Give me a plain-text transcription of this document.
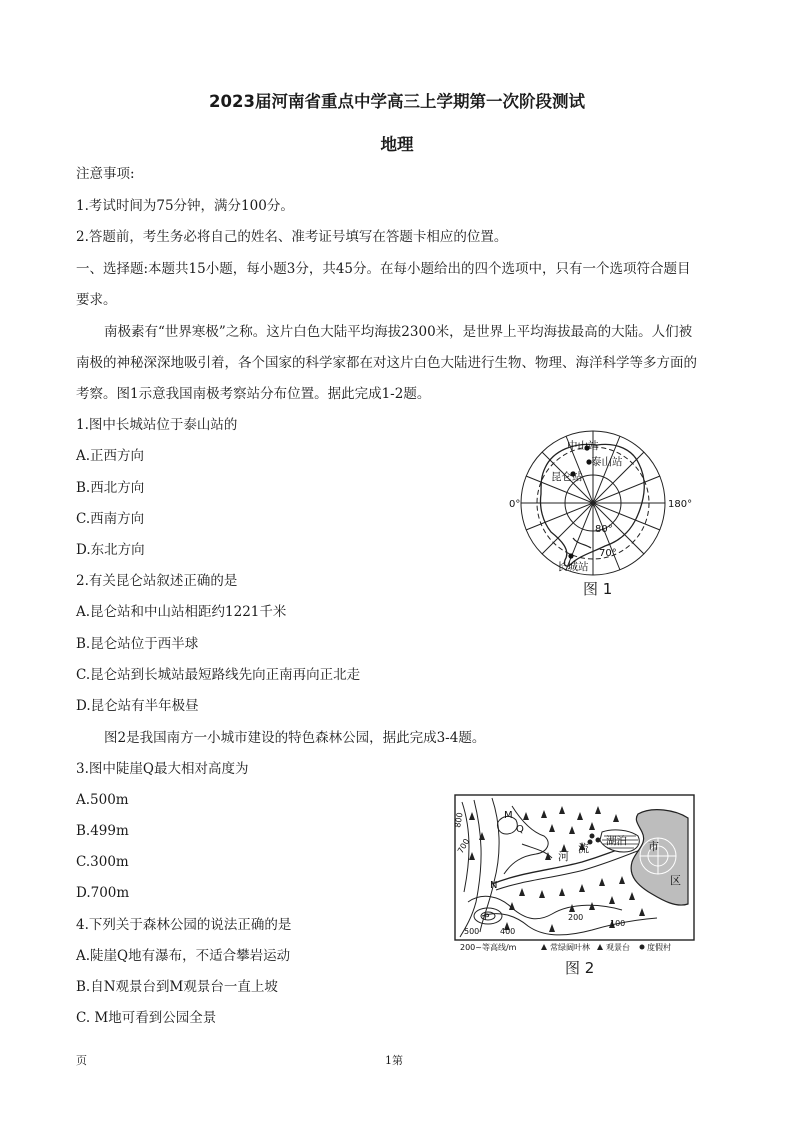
2023届河南省重点中学高三上学期第一次阶段测试
地理
注意事项:
1.考试时间为75分钟，满分100分。
2.答题前，考生务必将自己的姓名、准考证号填写在答题卡相应的位置。
一、选择题:本题共15小题，每小题3分，共45分。在每小题给出的四个选项中，只有一个选项符合题目
要求。
南极素有“世界寒极”之称。这片白色大陆平均海拔2300米，是世界上平均海拔最高的大陆。人们被
南极的神秘深深地吸引着，各个国家的科学家都在对这片白色大陆进行生物、物理、海洋科学等多方面的
考察。图1示意我国南极考察站分布位置。据此完成1-2题。
1.图中长城站位于泰山站的
A.正西方向
B.西北方向
C.西南方向
D.东北方向
2.有关昆仑站叙述正确的是
A.昆仑站和中山站相距约1221千米
B.昆仑站位于西半球
C.昆仑站到长城站最短路线先向正南再向正北走
D.昆仑站有半年极昼
图2是我国南方一小城市建设的特色森林公园，据此完成3-4题。
3.图中陡崖Q最大相对高度为
A.500m
B.499m
C.300m
D.700m
4.下列关于森林公园的说法正确的是
A.陡崖Q地有瀑布，不适合攀岩运动
B.自N观景台到M观景台一直上坡
C. M地可看到公园全景
中山站
泰山站
昆仑站
长城站
0°	180°
80°
70°
图 1
M
Q
N
P
湖泊 市
区
河
流
800
700
500	400
200
100
200~等高线/m	常绿阔叶林 观景台 度假村
图 2
页	1第
